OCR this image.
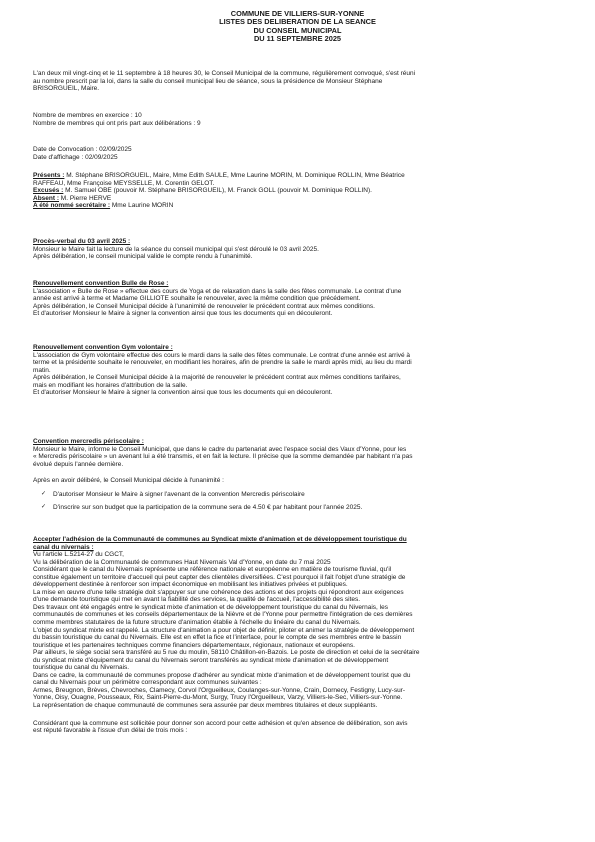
COMMUNE DE VILLIERS-SUR-YONNE
LISTES DES DELIBERATION DE LA SEANCE
DU CONSEIL MUNICIPAL
DU 11 SEPTEMBRE 2025

L'an deux mil vingt-cinq et le 11 septembre à 18 heures 30, le Conseil Municipal de la commune, régulièrement convoqué, s'est réuni

au nombre prescrit par la loi, dans la salle du conseil municipal lieu de séance, sous la présidence de Monsieur Stéphane

BRISORGUEIL, Maire.

Nombre de membres en exercice : 10

Nombre de membres qui ont pris part aux délibérations : 9

Date de Convocation : 02/09/2025

Date d'affichage : 02/09/2025

Présents : M. Stéphane BRISORGUEIL, Maire, Mme Edith SAULE, Mme Laurine MORIN, M. Dominique ROLLIN, Mme Béatrice

RAFFEAU, Mme Françoise MEYSSELLE, M. Corentin GELOT.

Excusés : M. Samuel OBE (pouvoir M. Stéphane BRISORGUEIL), M. Franck GOLL (pouvoir M. Dominique ROLLIN).

Absent : M. Pierre HERVE

A été nommé secrétaire : Mme Laurine MORIN

Procès-verbal du 03 avril 2025 :

Monsieur le Maire fait la lecture de la séance du conseil municipal qui s'est déroulé le 03 avril 2025.

Après délibération, le conseil municipal valide le compte rendu à l'unanimité.

Renouvellement convention Bulle de Rose :

L'association « Bulle de Rose » effectue des cours de Yoga et de relaxation dans la salle des fêtes communale. Le contrat d'une

année est arrivé à terme et Madame GILLIOTE souhaite le renouveler, avec la même condition que précédement.

Après délibération, le Conseil Municipal décide à l'unanimité de renouveler le précédent contrat aux mêmes conditions.

Et d'autoriser Monsieur le Maire à signer la convention ainsi que tous les documents qui en découleront.

Renouvellement convention Gym volontaire :

L'association de Gym volontaire effectue des cours le mardi dans la salle des fêtes communale. Le contrat d'une année est arrivé à

terme et la présidente souhaite le renouveler, en modifiant les horaires, afin de prendre la salle le mardi après midi, au lieu du mardi

matin.

Après délibération, le Conseil Municipal décide à la majorité de renouveler le précédent contrat aux mêmes conditions tarifaires,

mais en modifiant les horaires d'attribution de la salle.

Et d'autoriser Monsieur le Maire à signer la convention ainsi que tous les documents qui en découleront.

Convention mercredis périscolaire :

Monsieur le Maire, informe le Conseil Municipal, que dans le cadre du partenariat avec l'espace social des Vaux d'Yonne, pour les

« Mercredis périscolaire » un avenant lui a été transmis, et en fait la lecture. Il précise que la somme demandée par habitant n'a pas

évolué depuis l'année dernière.

Après en avoir délibéré, le Conseil Municipal décide à l'unanimité :

✓ D'autoriser Monsieur le Maire à signer l'avenant de la convention Mercredis périscolaire

✓ D'inscrire sur son budget que la participation de la commune sera de 4.50 € par habitant pour l'année 2025.

Accepter l'adhésion de la Communauté de communes au Syndicat mixte d'animation et de développement touristique du

canal du nivernais :

Vu l'article L.5214-27 du CGCT,

Vu la délibération de la Communauté de communes Haut Nivernais Val d'Yonne, en date du 7 mai 2025

Considérant que le canal du Nivernais représente une référence nationale et européenne en matière de tourisme fluvial, qu'il

constitue également un territoire d'accueil qui peut capter des clientèles diversifiées. C'est pourquoi il fait l'objet d'une stratégie de

développement destinée à renforcer son impact économique en mobilisant les initiatives privées et publiques.

La mise en œuvre d'une telle stratégie doit s'appuyer sur une cohérence des actions et des projets qui répondront aux exigences

d'une demande touristique qui met en avant la fiabilité des services, la qualité de l'accueil, l'accessibilité des sites.

Des travaux ont été engagés entre le syndicat mixte d'animation et de développement touristique du canal du Nivernais, les

communautés de communes et les conseils départementaux de la Nièvre et de l'Yonne pour permettre l'intégration de ces dernières

comme membres statutaires de la future structure d'animation établie à l'échelle du linéaire du canal du Nivernais.

L'objet du syndicat mixte est rappelé. La structure d'animation a pour objet de définir, piloter et animer la stratégie de développement

du bassin touristique du canal du Nivernais. Elle est en effet la fice et l'interface, pour le compte de ses membres entre le bassin

touristique et les partenaires techniques comme financiers départementaux, régionaux, nationaux et européens.

Par ailleurs, le siège social sera transféré au 5 rue du moulin, 58110 Châtillon-en-Bazois. Le poste de direction et celui de la secrétaire

du syndicat mixte d'équipement du canal du Nivernais seront transférés au syndicat mixte d'animation et de développement

touristique du canal du Nivernais.

Dans ce cadre, la communauté de communes propose d'adhérer au syndicat mixte d'animation et de développement tourist que du

canal du Nivernais pour un périmètre correspondant aux communes suivantes :

Armes, Breugnon, Brèves, Chevroches, Clamecy, Corvol l'Orgueilleux, Coulanges-sur-Yonne, Crain, Dornecy, Festigny, Lucy-sur-

Yonne, Oisy, Ouagne, Pousseaux, Rix, Saint-Pierre-du-Mont, Surgy, Trucy l'Orgueilleux, Varzy, Villiers-le-Sec, Villiers-sur-Yonne.

La représentation de chaque communauté de communes sera assurée par deux membres titulaires et deux suppléants.

Considérant que la commune est sollicitée pour donner son accord pour cette adhésion et qu'en absence de délibération, son avis

est réputé favorable à l'issue d'un délai de trois mois :
